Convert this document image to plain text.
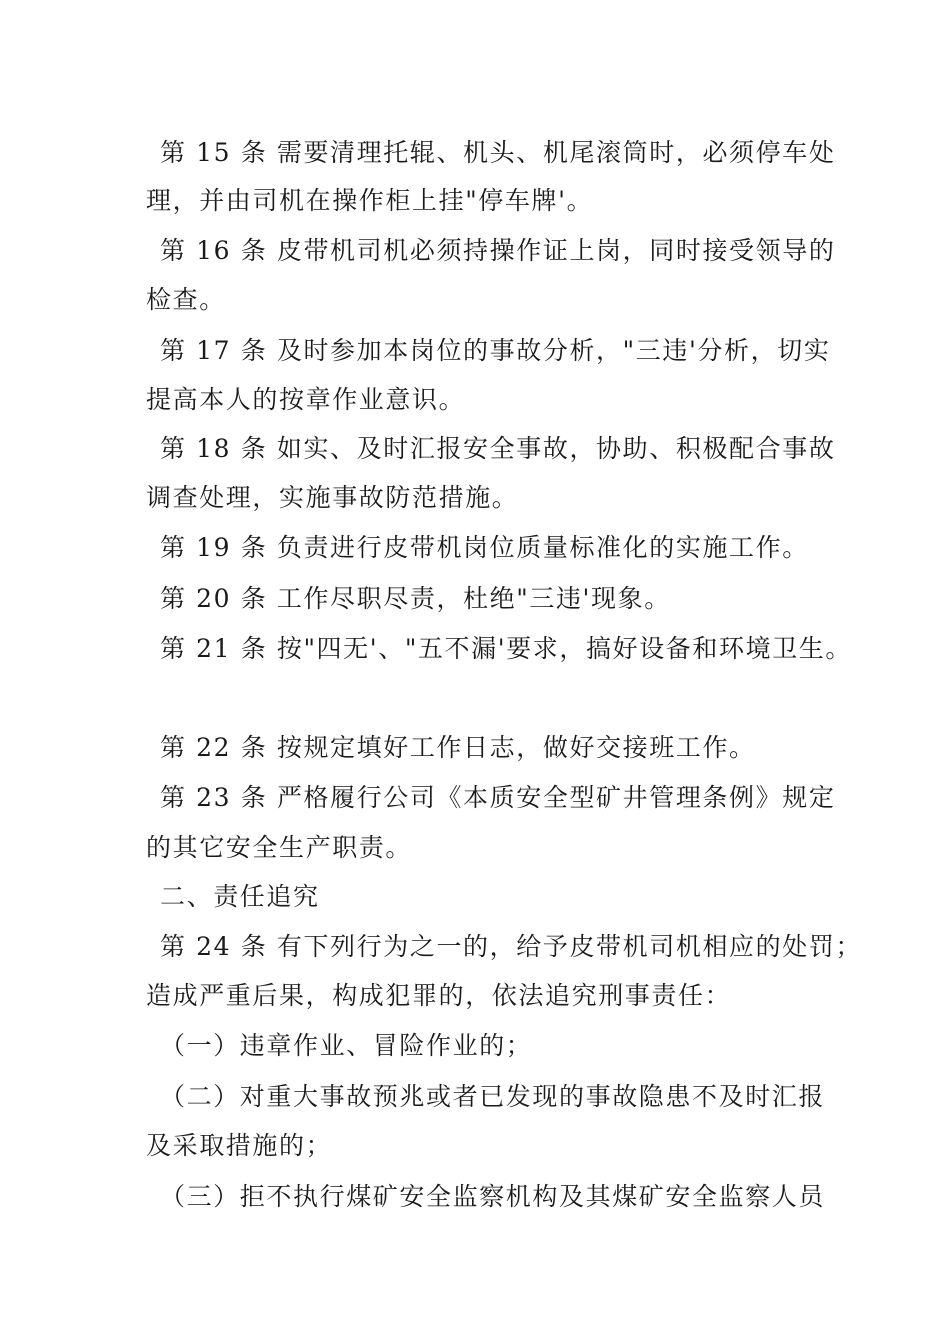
第 15 条 需要清理托辊、机头、机尾滚筒时，必须停车处
理，并由司机在操作柜上挂"停车牌'。
第 16 条 皮带机司机必须持操作证上岗，同时接受领导的
检查。
第 17 条 及时参加本岗位的事故分析，"三违'分析，切实
提高本人的按章作业意识。
第 18 条 如实、及时汇报安全事故，协助、积极配合事故
调查处理，实施事故防范措施。
第 19 条 负责进行皮带机岗位质量标准化的实施工作。
第 20 条 工作尽职尽责，杜绝"三违'现象。
第 21 条 按"四无'、"五不漏'要求，搞好设备和环境卫生。
第 22 条 按规定填好工作日志，做好交接班工作。
第 23 条 严格履行公司《本质安全型矿井管理条例》规定
的其它安全生产职责。
二、责任追究
第 24 条 有下列行为之一的，给予皮带机司机相应的处罚；
造成严重后果，构成犯罪的，依法追究刑事责任：
（一）违章作业、冒险作业的；
（二）对重大事故预兆或者已发现的事故隐患不及时汇报
及采取措施的；
（三）拒不执行煤矿安全监察机构及其煤矿安全监察人员
